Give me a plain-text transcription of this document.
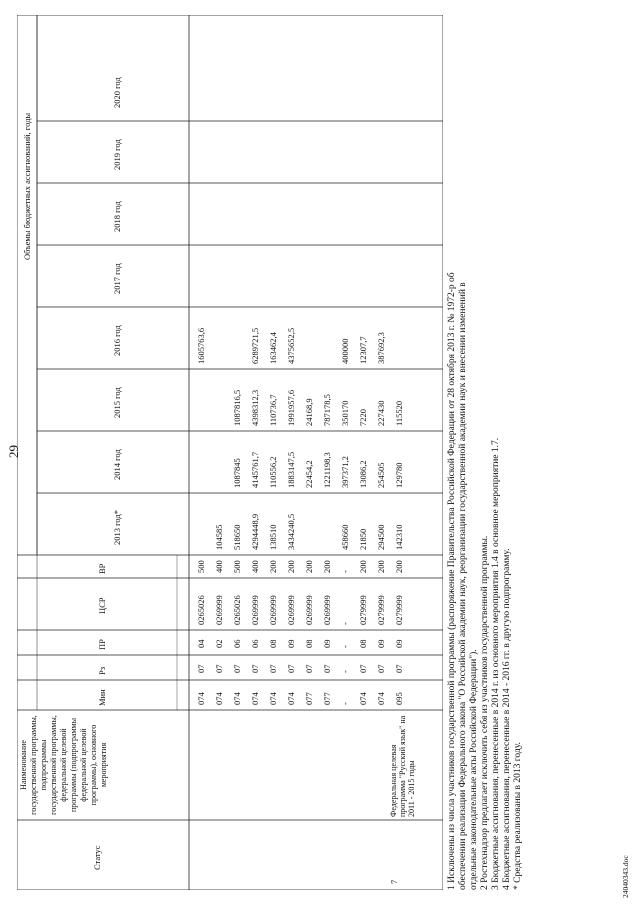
29
Статус
Наименование государственной программы, подпрограммы государственной программы, федеральной целевой программы (подпрограммы федеральной целевой программы), основного мероприятия
Мин
Рз
ПР
ЦСР
ВР
Объемы бюджетных ассигнований, годы
2013 год*
2014 год
2015 год
2016 год
2017 год
2018 год
2019 год
2020 год
7
Федеральная целевая программа "Русский язык" на 2011 - 2015 годы
074
07
04
0265026
500
1605763,6
074
07
02
0269999
400
104585
074
07
06
0265026
500
518650
1087845
1087816,5
074
07
06
0269999
400
4294448,9
4145761,7
4398312,3
6289721,5
074
07
08
0269999
200
138510
110556,2
110736,7
163462,4
074
07
09
0269999
200
3434240,5
1883147,5
1991957,6
4375652,5
077
07
08
0269999
200
22454,2
24168,9
077
07
09
0269999
200
1221198,3
787178,5
-
-
-
-
-
458660
397371,2
350170
400000
074
07
08
0279999
200
21850
13086,2
7220
12307,7
074
07
09
0279999
200
294500
254505
227430
387692,3
095
07
09
0279999
200
142310
129780
115520	1 Исключены из числа участников государственной программы (распоряжение Правительства Российской Федерации от 28 октября 2013 г. № 1972-р об обеспечении реализации Федерального закона "О Российской академии наук, реорганизации государственной академии наук и внесении изменений в отдельные законодательные акты Российской Федерации"). 2 Ростехнадзор предлагает исключить себя из участников государственной программы. 3 Бюджетные ассигнования, перенесенные в 2014 г. из основного мероприятия 1.4 в основное мероприятие 1.7. 4 Бюджетные ассигнования, перенесенные в 2014 - 2016 гг. в другую подпрограмму. * Средства реализованы в 2013 году.	24040343.doc
